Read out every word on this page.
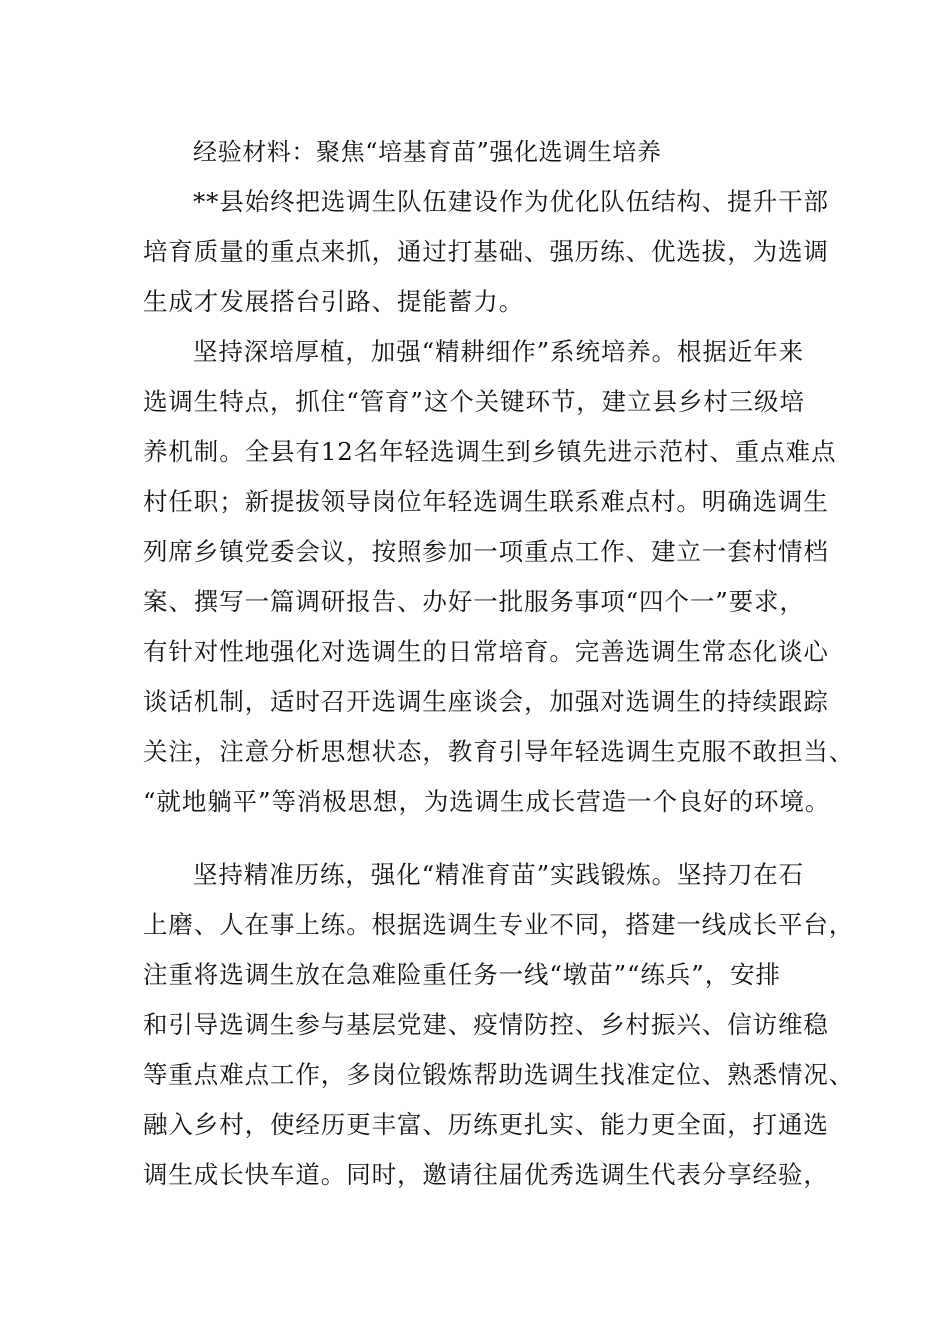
经验材料：聚焦“培基育苗”强化选调生培养
**县始终把选调生队伍建设作为优化队伍结构、提升干部
培育质量的重点来抓，通过打基础、强历练、优选拔，为选调
生成才发展搭台引路、提能蓄力。
坚持深培厚植，加强“精耕细作”系统培养。根据近年来
选调生特点，抓住“管育”这个关键环节，建立县乡村三级培
养机制。全县有12名年轻选调生到乡镇先进示范村、重点难点
村任职；新提拔领导岗位年轻选调生联系难点村。明确选调生
列席乡镇党委会议，按照参加一项重点工作、建立一套村情档
案、撰写一篇调研报告、办好一批服务事项“四个一”要求，
有针对性地强化对选调生的日常培育。完善选调生常态化谈心
谈话机制，适时召开选调生座谈会，加强对选调生的持续跟踪
关注，注意分析思想状态，教育引导年轻选调生克服不敢担当、
“就地躺平”等消极思想，为选调生成长营造一个良好的环境。
坚持精准历练，强化“精准育苗”实践锻炼。坚持刀在石
上磨、人在事上练。根据选调生专业不同，搭建一线成长平台，
注重将选调生放在急难险重任务一线“墩苗”“练兵”，安排
和引导选调生参与基层党建、疫情防控、乡村振兴、信访维稳
等重点难点工作，多岗位锻炼帮助选调生找准定位、熟悉情况、
融入乡村，使经历更丰富、历练更扎实、能力更全面，打通选
调生成长快车道。同时，邀请往届优秀选调生代表分享经验，
